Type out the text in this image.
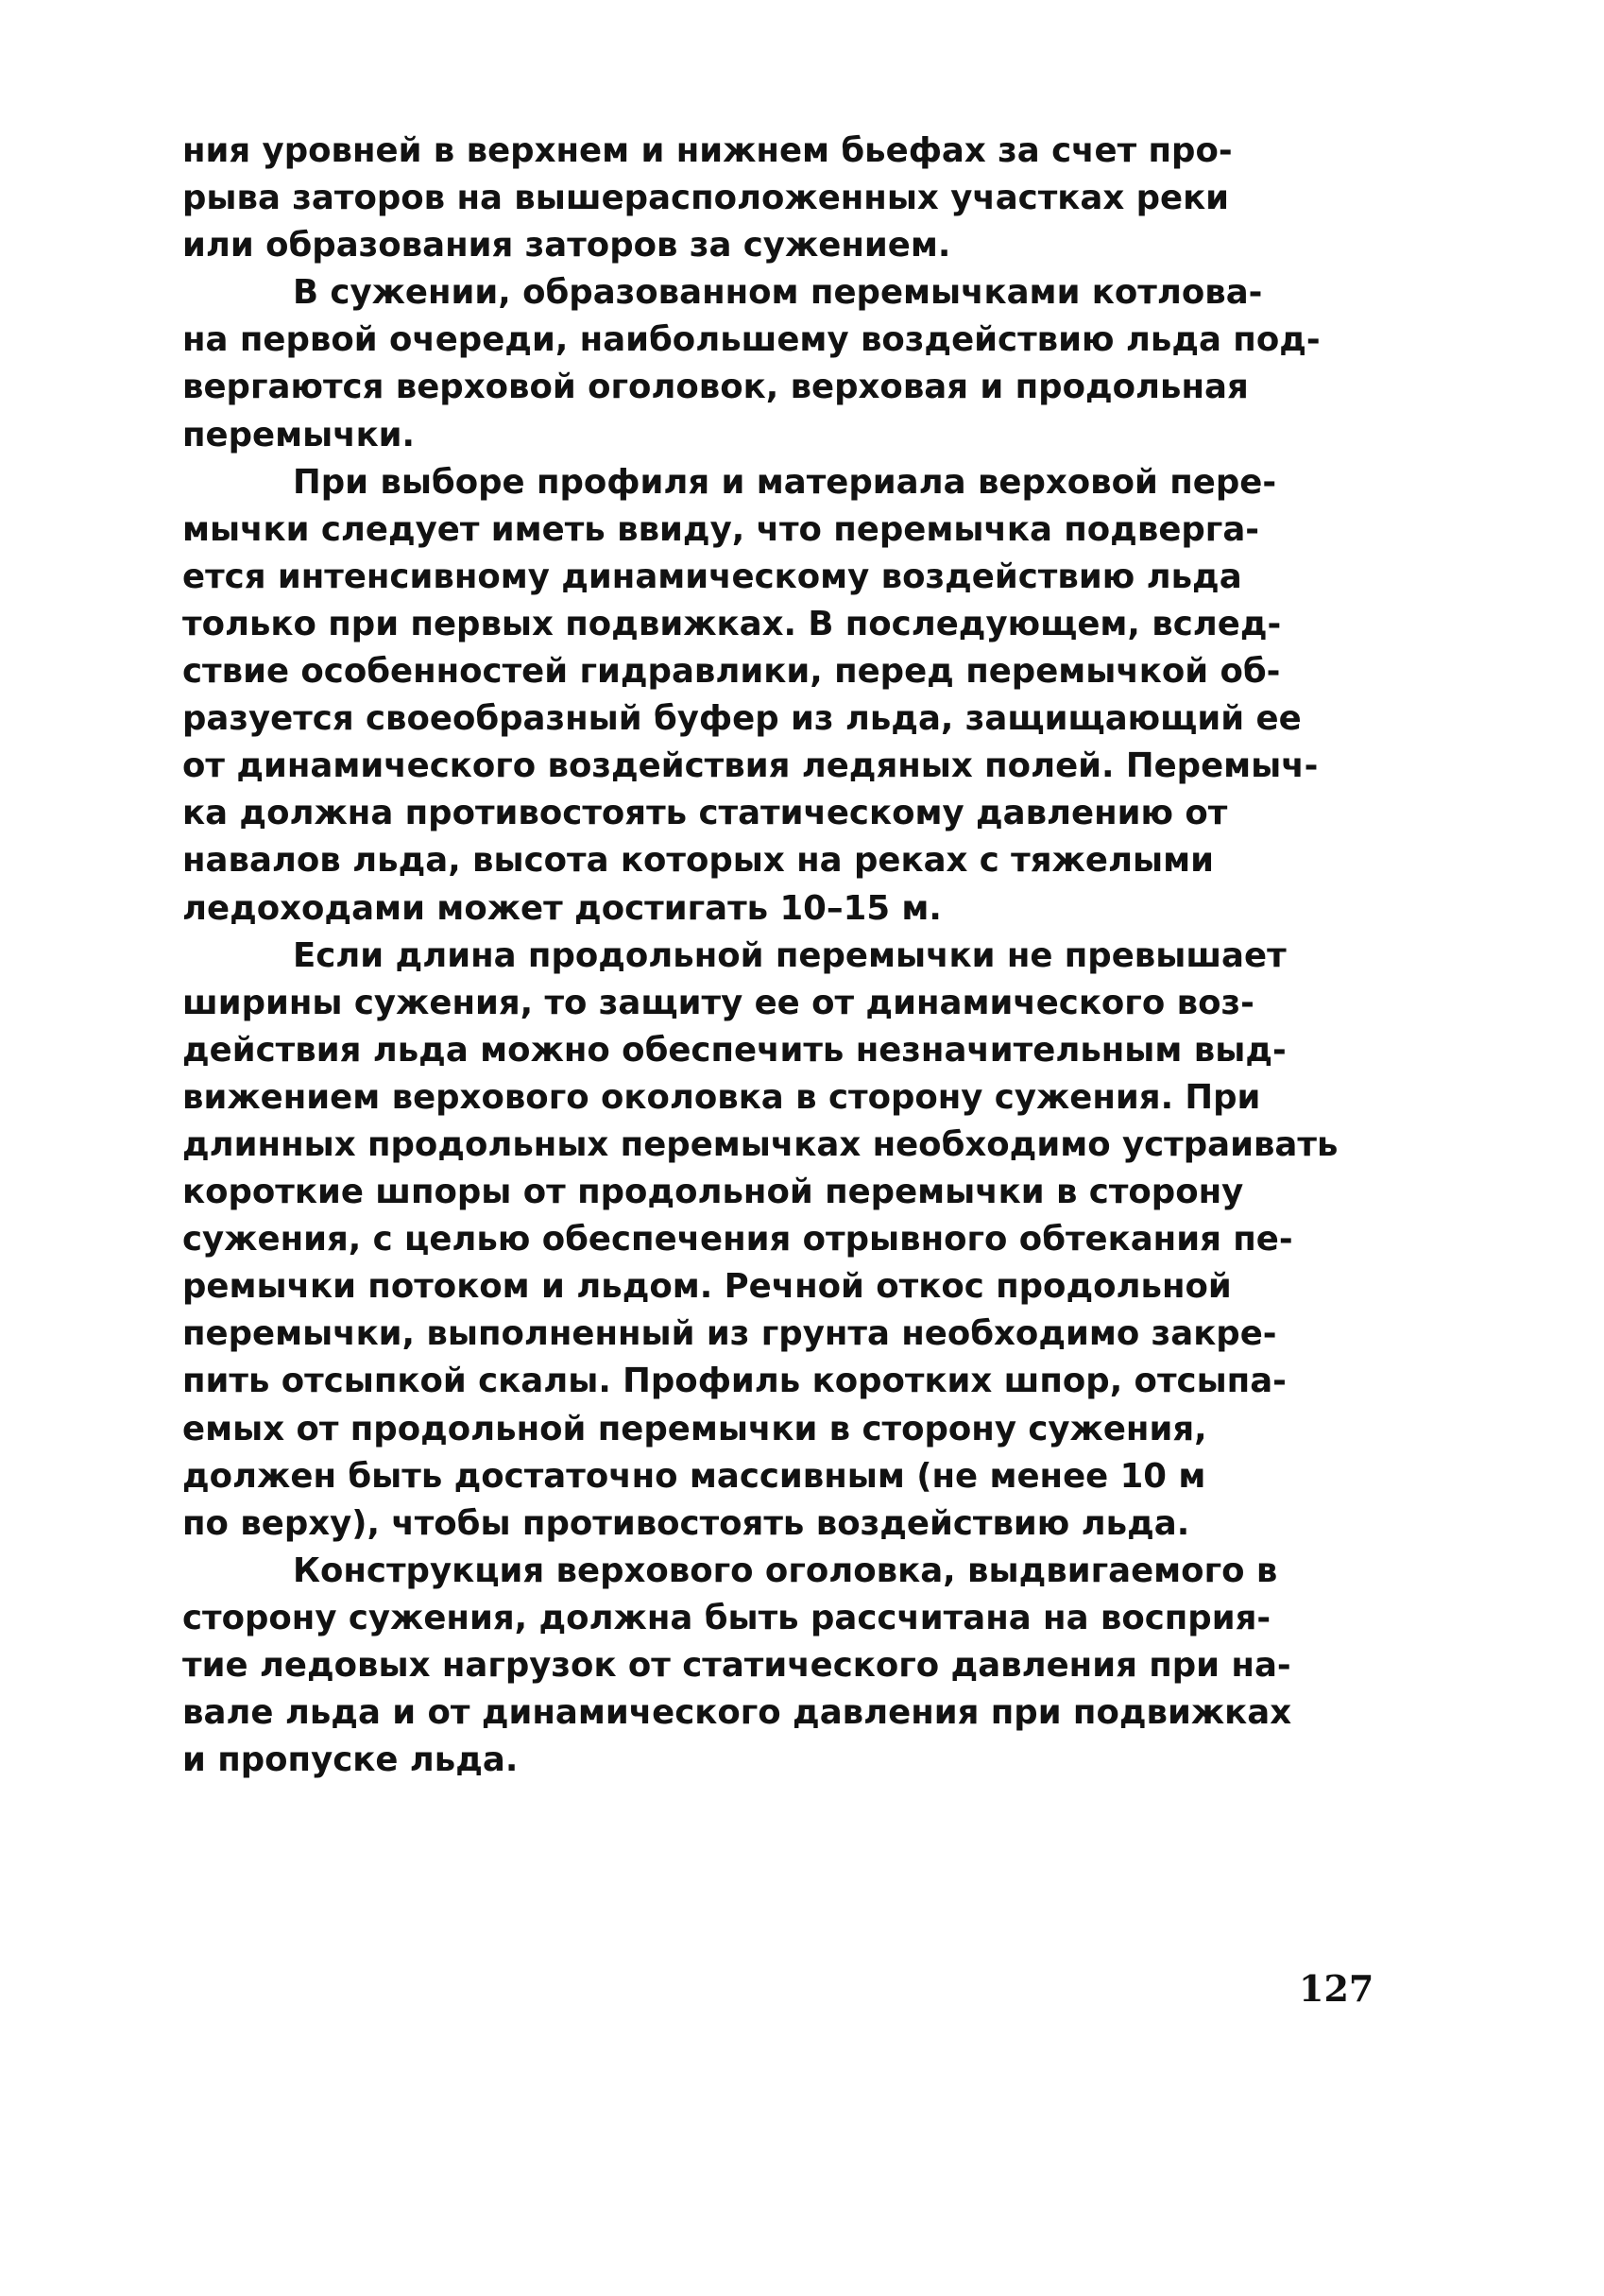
ния уровней в верхнем и нижнем бьефах за счет про-
рыва заторов на вышерасположенных участках реки
или образования заторов за сужением.
В сужении, образованном перемычками котлова-
на первой очереди, наибольшему воздействию льда под-
вергаются верховой оголовок, верховая и продольная
перемычки.
При выборе профиля и материала верховой пере-
мычки следует иметь ввиду, что перемычка подверга-
ется интенсивному динамическому воздействию льда
только при первых подвижках. В последующем, вслед-
ствие особенностей гидравлики, перед перемычкой об-
разуется своеобразный буфер из льда, защищающий ее
от динамического воздействия ледяных полей. Перемыч-
ка должна противостоять статическому давлению от
навалов льда, высота которых на реках с тяжелыми
ледоходами может достигать 10–15 м.
Если длина продольной перемычки не превышает
ширины сужения, то защиту ее от динамического воз-
действия льда можно обеспечить незначительным выд-
вижением верхового околовка в сторону сужения. При
длинных продольных перемычках необходимо устраивать
короткие шпоры от продольной перемычки в сторону
сужения, с целью обеспечения отрывного обтекания пе-
ремычки потоком и льдом. Речной откос продольной
перемычки, выполненный из грунта необходимо закре-
пить отсыпкой скалы. Профиль коротких шпор, отсыпа-
емых от продольной перемычки в сторону сужения,
должен быть достаточно массивным (не менее 10 м
по верху), чтобы противостоять воздействию льда.
Конструкция верхового оголовка, выдвигаемого в
сторону сужения, должна быть рассчитана на восприя-
тие ледовых нагрузок от статического давления при на-
вале льда и от динамического давления при подвижках
и пропуске льда.
127
